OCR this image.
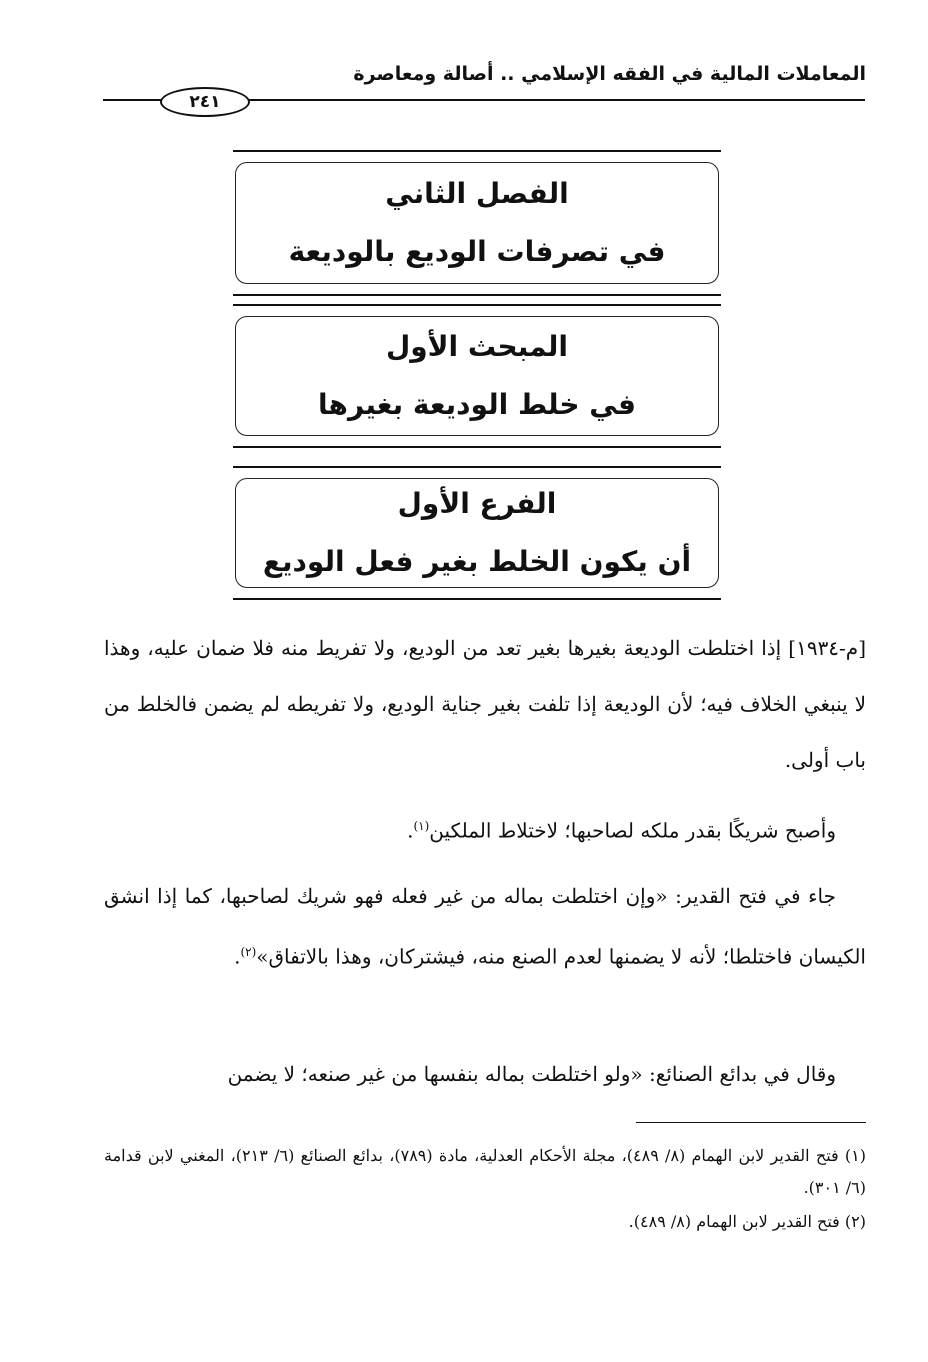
المعاملات المالية في الفقه الإسلامي .. أصالة ومعاصرة
٢٤١
الفصل الثاني
في تصرفات الوديع بالوديعة
المبحث الأول
في خلط الوديعة بغيرها
الفرع الأول
أن يكون الخلط بغير فعل الوديع

[م-١٩٣٤] إذا اختلطت الوديعة بغيرها بغير تعد من الوديع، ولا تفريط منه فلا ضمان عليه، وهذا لا ينبغي الخلاف فيه؛ لأن الوديعة إذا تلفت بغير جناية الوديع، ولا تفريطه لم يضمن فالخلط من باب أولى.

وأصبح شريكًا بقدر ملكه لصاحبها؛ لاختلاط الملكين$^{(١)}$.

جاء في فتح القدير: «وإن اختلطت بماله من غير فعله فهو شريك لصاحبها، كما إذا انشق الكيسان فاختلطا؛ لأنه لا يضمنها لعدم الصنع منه، فيشتركان، وهذا بالاتفاق»$^{(٢)}$.

وقال في بدائع الصنائع: «ولو اختلطت بماله بنفسها من غير صنعه؛ لا يضمن

(١) فتح القدير لابن الهمام (٨/ ٤٨٩)، مجلة الأحكام العدلية، مادة (٧٨٩)، بدائع الصنائع (٦/ ٢١٣)، المغني لابن قدامة (٦/ ٣٠١).

(٢) فتح القدير لابن الهمام (٨/ ٤٨٩).
